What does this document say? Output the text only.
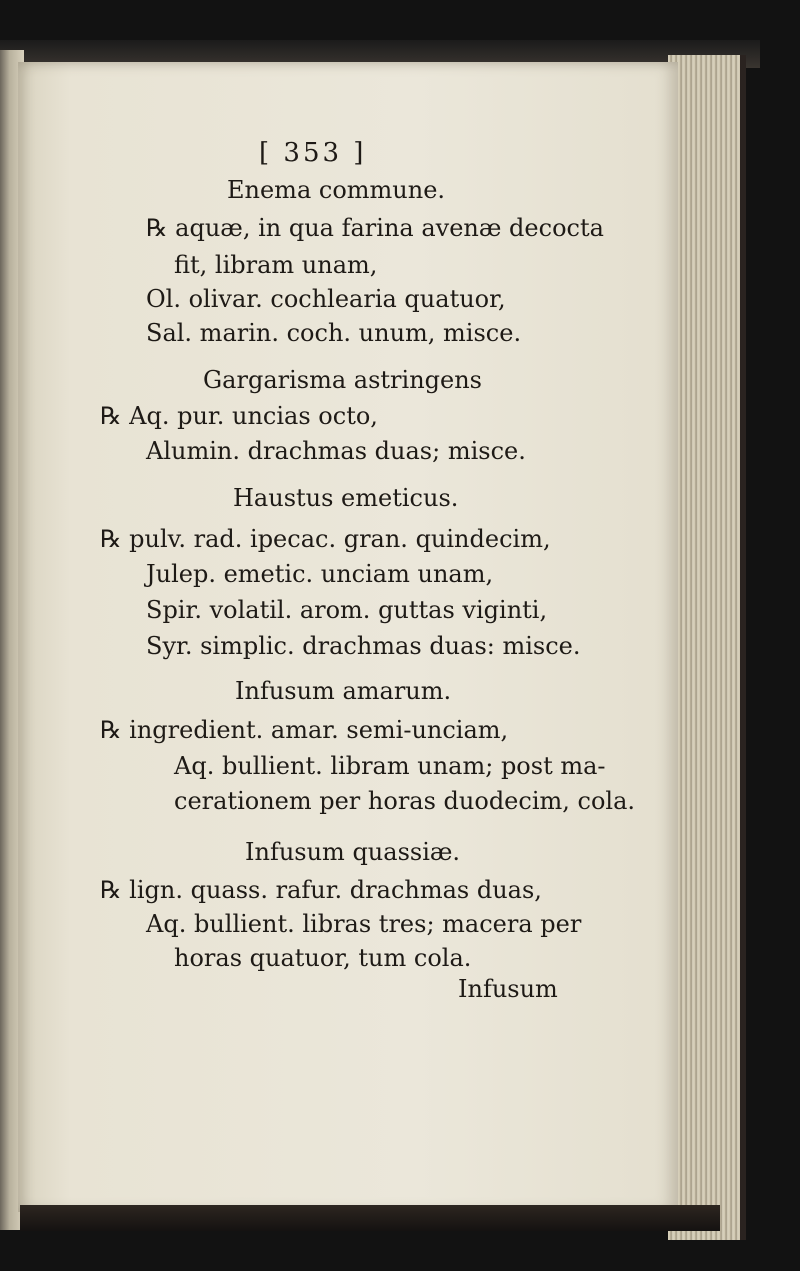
[ 353 ]
Enema commune.
℞ aquæ, in qua farina avenæ decocta
fit, libram unam,
Ol. olivar. cochlearia quatuor,
Sal. marin. coch. unum, misce.
Gargarisma astringens
℞ Aq. pur. uncias octo,
Alumin. drachmas duas; misce.
Haustus emeticus.
℞ pulv. rad. ipecac. gran. quindecim,
Julep. emetic. unciam unam,
Spir. volatil. arom. guttas viginti,
Syr. simplic. drachmas duas: misce.
Infusum amarum.
℞ ingredient. amar. semi-unciam,
Aq. bullient. libram unam; post ma-
cerationem per horas duodecim, cola.
Infusum quassiæ.
℞ lign. quass. rafur. drachmas duas,
Aq. bullient. libras tres; macera per
horas quatuor, tum cola.
Infusum
